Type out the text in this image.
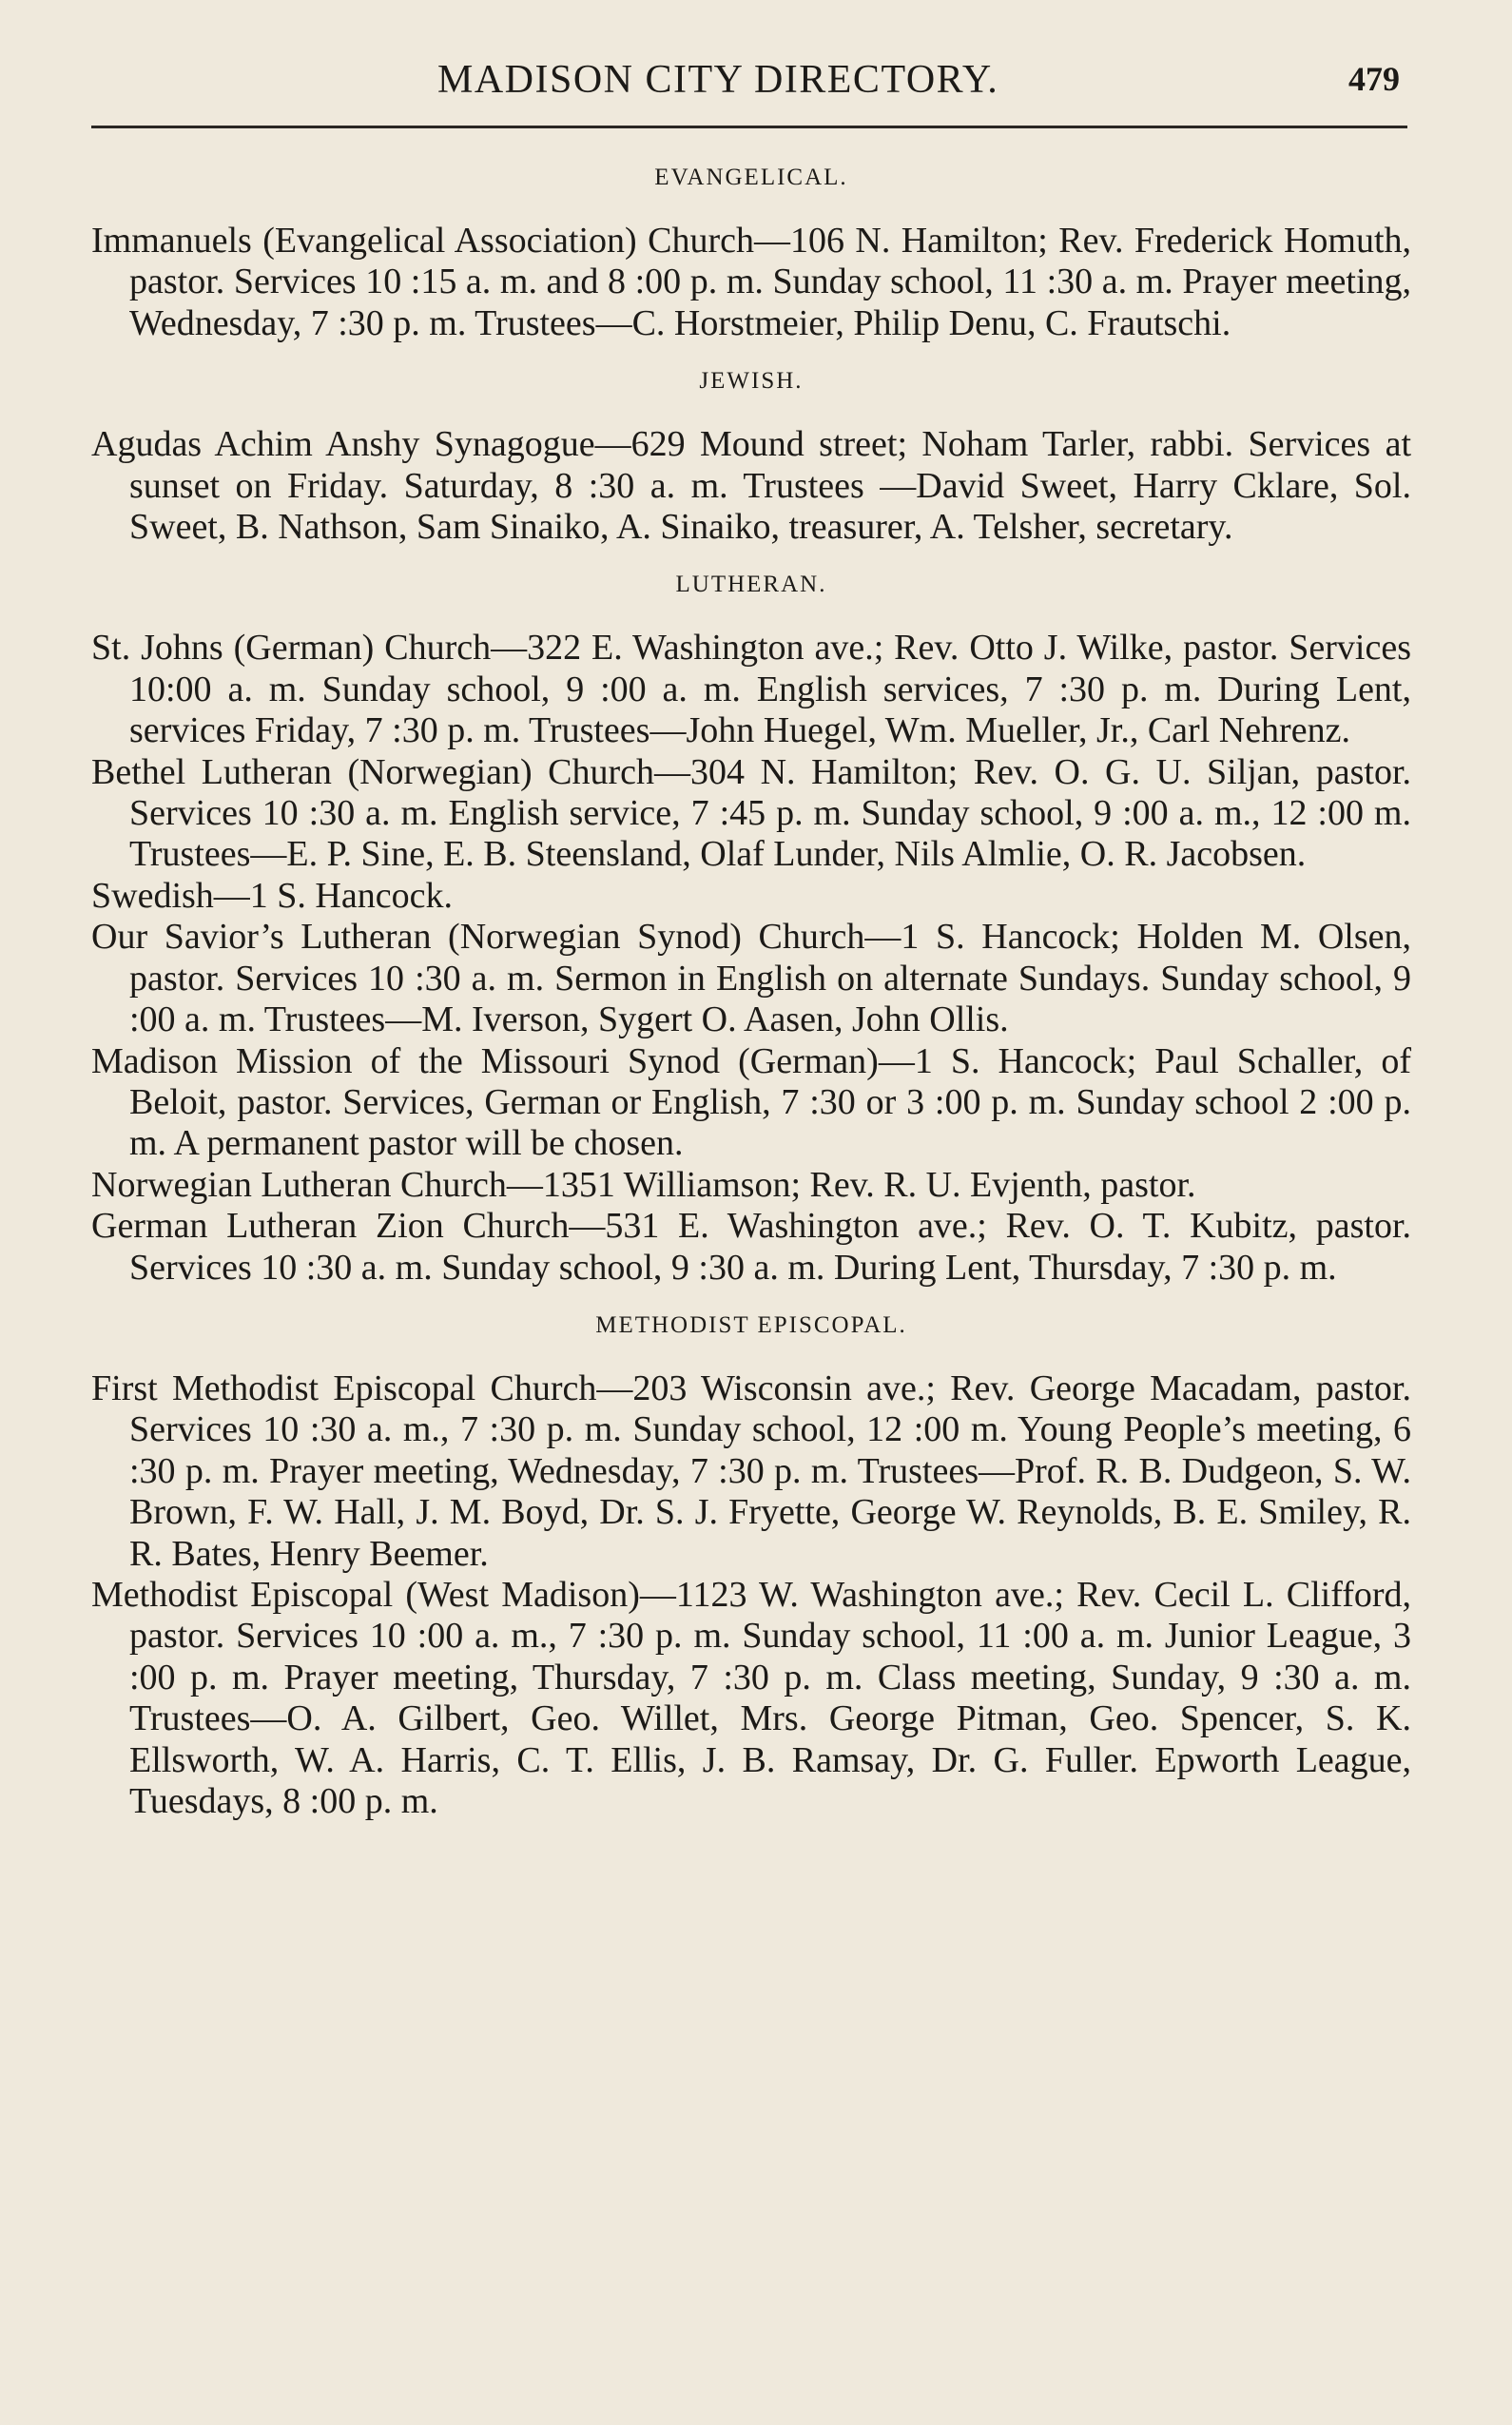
MADISON CITY DIRECTORY.	479
EVANGELICAL.

Immanuels (Evangelical Association) Church—106 N. Hamilton; Rev. Frederick Homuth, pastor. Services 10 :15 a. m. and 8 :00 p. m. Sunday school, 11 :30 a. m. Prayer meeting, Wednesday, 7 :30 p. m. Trustees—C. Horstmeier, Philip Denu, C. Frautschi.

JEWISH.

Agudas Achim Anshy Synagogue—629 Mound street; Noham Tarler, rabbi. Services at sunset on Friday. Saturday, 8 :30 a. m. Trustees —David Sweet, Harry Cklare, Sol. Sweet, B. Nathson, Sam Sinaiko, A. Sinaiko, treasurer, A. Telsher, secretary.

LUTHERAN.

St. Johns (German) Church—322 E. Washington ave.; Rev. Otto J. Wilke, pastor. Services 10:00 a. m. Sunday school, 9 :00 a. m. English services, 7 :30 p. m. During Lent, services Friday, 7 :30 p. m. Trustees—John Huegel, Wm. Mueller, Jr., Carl Nehrenz.

Bethel Lutheran (Norwegian) Church—304 N. Hamilton; Rev. O. G. U. Siljan, pastor. Services 10 :30 a. m. English service, 7 :45 p. m. Sunday school, 9 :00 a. m., 12 :00 m. Trustees—E. P. Sine, E. B. Steensland, Olaf Lunder, Nils Almlie, O. R. Jacobsen.

Swedish—1 S. Hancock.

Our Savior’s Lutheran (Norwegian Synod) Church—1 S. Hancock; Holden M. Olsen, pastor. Services 10 :30 a. m. Sermon in English on alternate Sundays. Sunday school, 9 :00 a. m. Trustees—M. Iverson, Sygert O. Aasen, John Ollis.

Madison Mission of the Missouri Synod (German)—1 S. Hancock; Paul Schaller, of Beloit, pastor. Services, German or English, 7 :30 or 3 :00 p. m. Sunday school 2 :00 p. m. A permanent pastor will be chosen.

Norwegian Lutheran Church—1351 Williamson; Rev. R. U. Evjenth, pastor.

German Lutheran Zion Church—531 E. Washington ave.; Rev. O. T. Kubitz, pastor. Services 10 :30 a. m. Sunday school, 9 :30 a. m. During Lent, Thursday, 7 :30 p. m.

METHODIST EPISCOPAL.

First Methodist Episcopal Church—203 Wisconsin ave.; Rev. George Macadam, pastor. Services 10 :30 a. m., 7 :30 p. m. Sunday school, 12 :00 m. Young People’s meeting, 6 :30 p. m. Prayer meeting, Wednesday, 7 :30 p. m. Trustees—Prof. R. B. Dudgeon, S. W. Brown, F. W. Hall, J. M. Boyd, Dr. S. J. Fryette, George W. Reynolds, B. E. Smiley, R. R. Bates, Henry Beemer.

Methodist Episcopal (West Madison)—1123 W. Washington ave.; Rev. Cecil L. Clifford, pastor. Services 10 :00 a. m., 7 :30 p. m. Sunday school, 11 :00 a. m. Junior League, 3 :00 p. m. Prayer meeting, Thursday, 7 :30 p. m. Class meeting, Sunday, 9 :30 a. m. Trustees—O. A. Gilbert, Geo. Willet, Mrs. George Pitman, Geo. Spencer, S. K. Ellsworth, W. A. Harris, C. T. Ellis, J. B. Ramsay, Dr. G. Fuller. Epworth League, Tuesdays, 8 :00 p. m.
